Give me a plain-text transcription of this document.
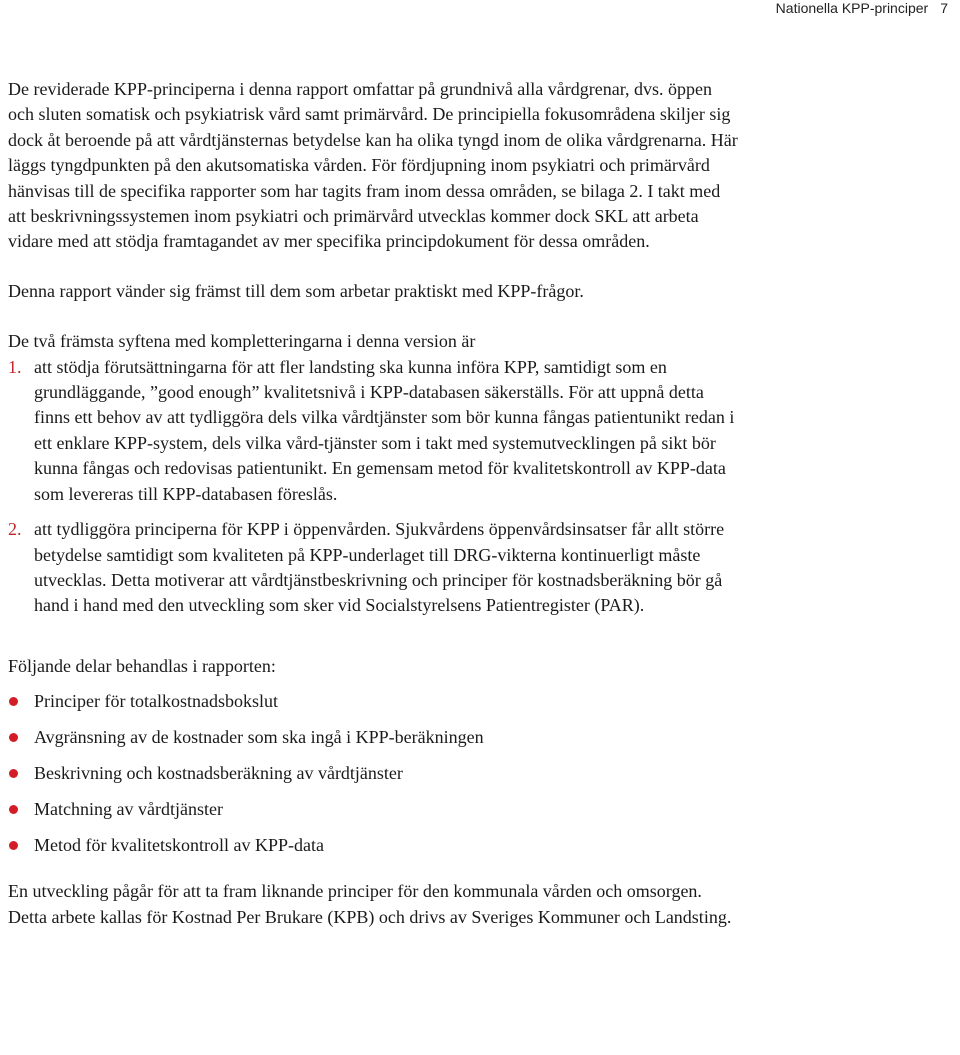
Nationella KPP-principer 7

De reviderade KPP-principerna i denna rapport omfattar på grundnivå alla vårdgrenar, dvs. öppen och sluten somatisk och psykiatrisk vård samt primärvård. De principiella fokusområdena skiljer sig dock åt beroende på att vårdtjänsternas betydelse kan ha olika tyngd inom de olika vårdgrenarna. Här läggs tyngdpunkten på den akutsomatiska vården. För fördjupning inom psykiatri och primärvård hänvisas till de specifika rapporter som har tagits fram inom dessa områden, se bilaga 2. I takt med att beskrivningssystemen inom psykiatri och primärvård utvecklas kommer dock SKL att arbeta vidare med att stödja framtagandet av mer specifika principdokument för dessa områden.

Denna rapport vänder sig främst till dem som arbetar praktiskt med KPP-frågor.

De två främsta syftena med kompletteringarna i denna version är

1. att stödja förutsättningarna för att fler landsting ska kunna införa KPP, samtidigt som en grundläggande, ”good enough” kvalitetsnivå i KPP-databasen säkerställs. För att uppnå detta finns ett behov av att tydliggöra dels vilka vårdtjänster som bör kunna fångas patientunikt redan i ett enklare KPP-system, dels vilka vård-tjänster som i takt med systemutvecklingen på sikt bör kunna fångas och redovisas patientunikt. En gemensam metod för kvalitetskontroll av KPP-data som levereras till KPP-databasen föreslås.
2. att tydliggöra principerna för KPP i öppenvården. Sjukvårdens öppenvårdsinsatser får allt större betydelse samtidigt som kvaliteten på KPP-underlaget till DRG-vikterna kontinuerligt måste utvecklas. Detta motiverar att vårdtjänstbeskrivning och principer för kostnadsberäkning bör gå hand i hand med den utveckling som sker vid Socialstyrelsens Patientregister (PAR).

Följande delar behandlas i rapporten:

Principer för totalkostnadsbokslut
Avgränsning av de kostnader som ska ingå i KPP-beräkningen
Beskrivning och kostnadsberäkning av vårdtjänster
Matchning av vårdtjänster
Metod för kvalitetskontroll av KPP-data

En utveckling pågår för att ta fram liknande principer för den kommunala vården och omsorgen. Detta arbete kallas för Kostnad Per Brukare (KPB) och drivs av Sveriges Kommuner och Landsting.
